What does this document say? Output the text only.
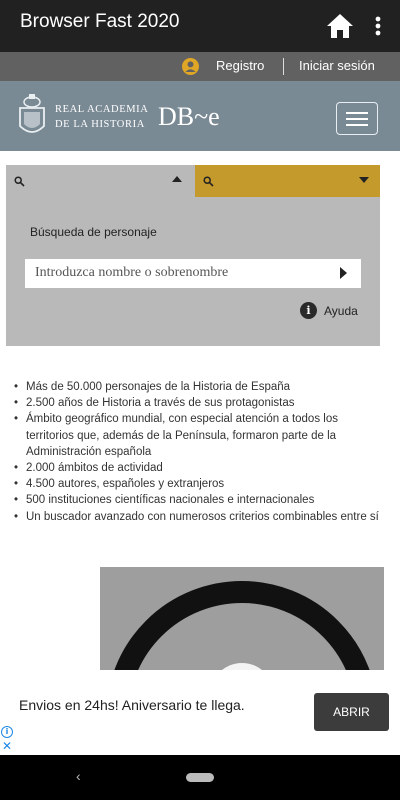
Browser Fast 2020
Registro	Iniciar sesión
REAL ACADEMIA
DE LA HISTORIA DB~e
Búsqueda de personaje
Introduzca nombre o sobrenombre
i	Ayuda
• Más de 50.000 personajes de la Historia de España
• 2.500 años de Historia a través de sus protagonistas
• Ámbito geográfico mundial, con especial atención a todos los territorios que, además de la Península, formaron parte de la Administración española
• 2.000 ámbitos de actividad
• 4.500 autores, españoles y extranjeros
• 500 instituciones científicas nacionales e internacionales
• Un buscador avanzado con numerosos criterios combinables entre sí
Envios en 24hs! Aniversario te llega.	ABRIR
i
✕
‹
